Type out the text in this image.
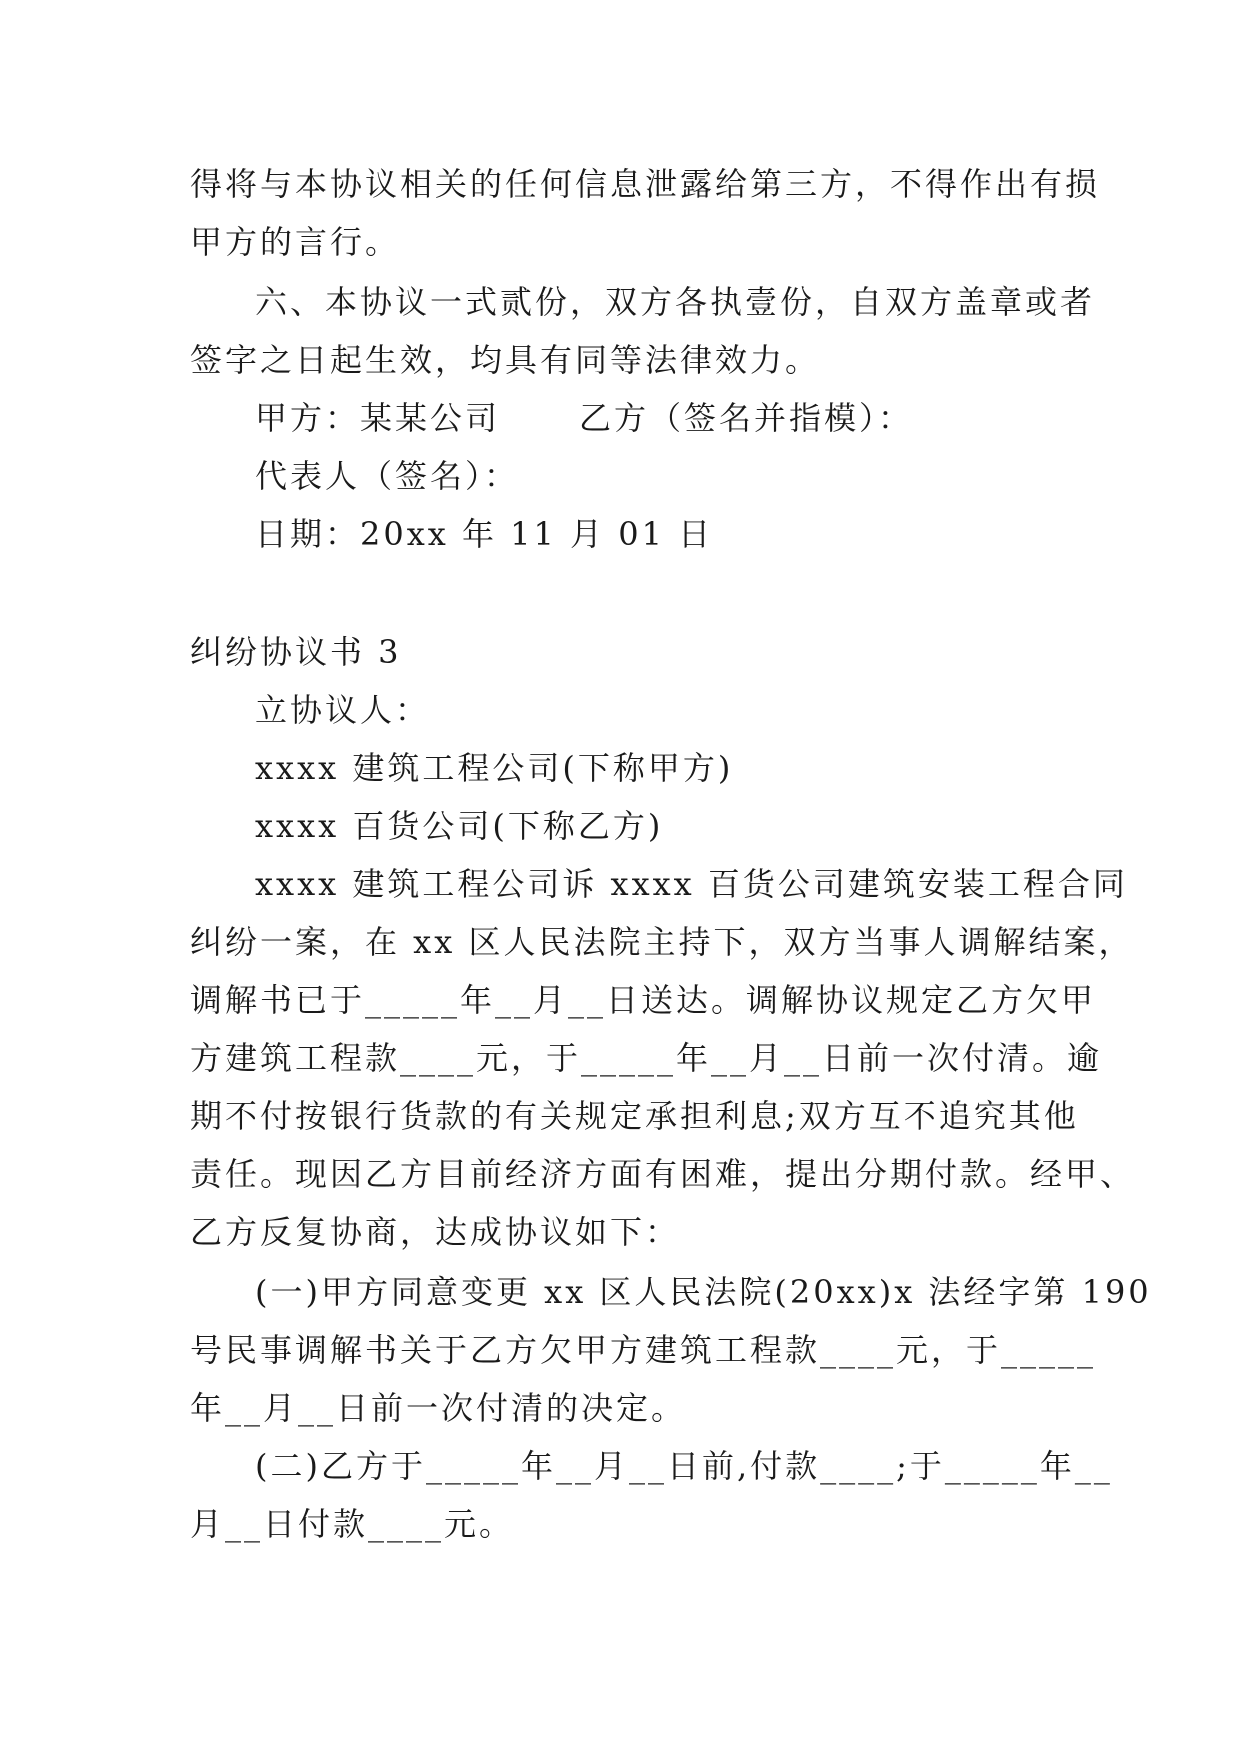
得将与本协议相关的任何信息泄露给第三方，不得作出有损
甲方的言行。
六、本协议一式贰份，双方各执壹份，自双方盖章或者
签字之日起生效，均具有同等法律效力。
甲方：某某公司      乙方（签名并指模）：
代表人（签名）：
日期：20xx 年 11 月 01 日
纠纷协议书 3
立协议人：
xxxx 建筑工程公司(下称甲方)
xxxx 百货公司(下称乙方)
xxxx 建筑工程公司诉 xxxx 百货公司建筑安装工程合同
纠纷一案，在 xx 区人民法院主持下，双方当事人调解结案，
调解书已于_____年__月__日送达。调解协议规定乙方欠甲
方建筑工程款____元，于_____年__月__日前一次付清。逾
期不付按银行货款的有关规定承担利息;双方互不追究其他
责任。现因乙方目前经济方面有困难，提出分期付款。经甲、
乙方反复协商，达成协议如下：
(一)甲方同意变更 xx 区人民法院(20xx)x 法经字第 190
号民事调解书关于乙方欠甲方建筑工程款____元，于_____
年__月__日前一次付清的决定。
(二)乙方于_____年__月__日前,付款____;于_____年__
月__日付款____元。
